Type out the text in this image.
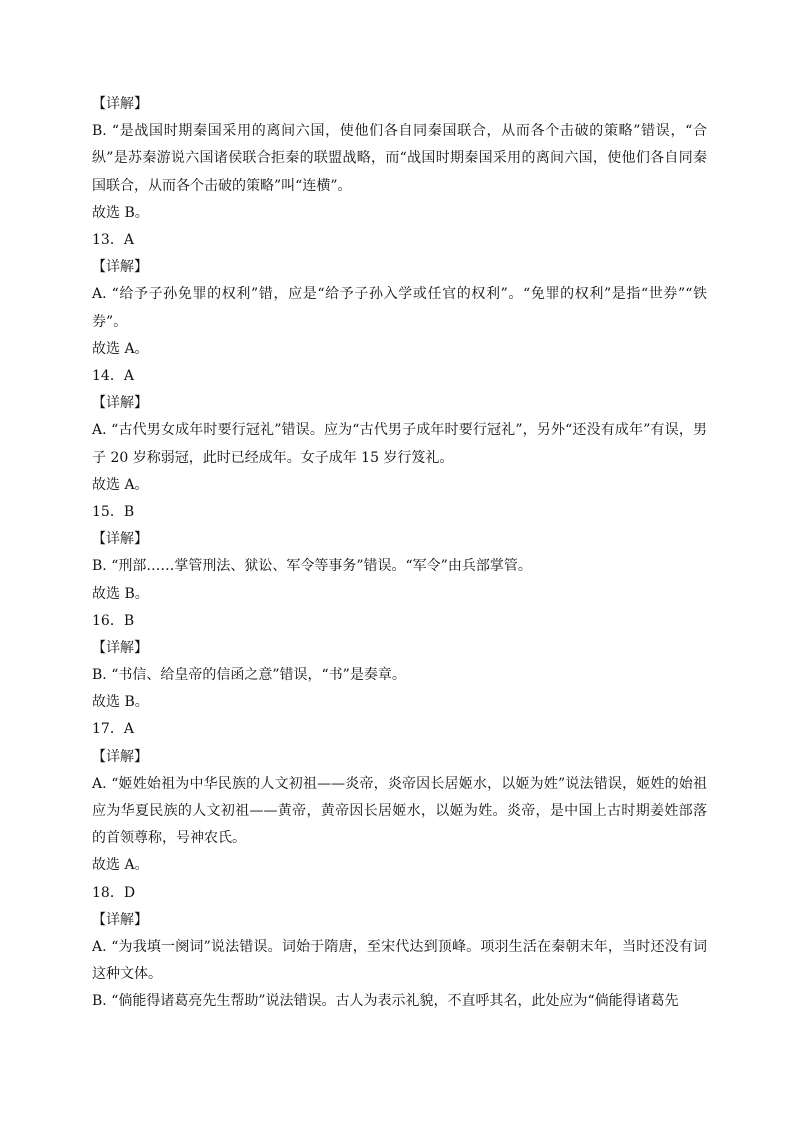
【详解】
B. “是战国时期秦国采用的离间六国，使他们各自同秦国联合，从而各个击破的策略”错误，“合纵”是苏秦游说六国诸侯联合拒秦的联盟战略，而“战国时期秦国采用的离间六国，使他们各自同秦国联合，从而各个击破的策略”叫“连横”。
故选 B。
13．A
【详解】
A. “给予子孙免罪的权利”错，应是“给予子孙入学或任官的权利”。“免罪的权利”是指“世券”“铁券”。
故选 A。
14．A
【详解】
A. “古代男女成年时要行冠礼”错误。应为“古代男子成年时要行冠礼”，另外“还没有成年”有误，男子 20 岁称弱冠，此时已经成年。女子成年 15 岁行笈礼。
故选 A。
15．B
【详解】
B. “刑部……掌管刑法、狱讼、军令等事务”错误。“军令”由兵部掌管。
故选 B。
16．B
【详解】
B. “书信、给皇帝的信函之意”错误，“书”是奏章。
故选 B。
17．A
【详解】
A. “姬姓始祖为中华民族的人文初祖——炎帝，炎帝因长居姬水，以姬为姓”说法错误，姬姓的始祖应为华夏民族的人文初祖——黄帝，黄帝因长居姬水，以姬为姓。炎帝，是中国上古时期姜姓部落的首领尊称，号神农氏。
故选 A。
18．D
【详解】
A. “为我填一阕词”说法错误。词始于隋唐，至宋代达到顶峰。项羽生活在秦朝末年，当时还没有词这种文体。
B. “倘能得诸葛亮先生帮助”说法错误。古人为表示礼貌，不直呼其名，此处应为“倘能得诸葛先
